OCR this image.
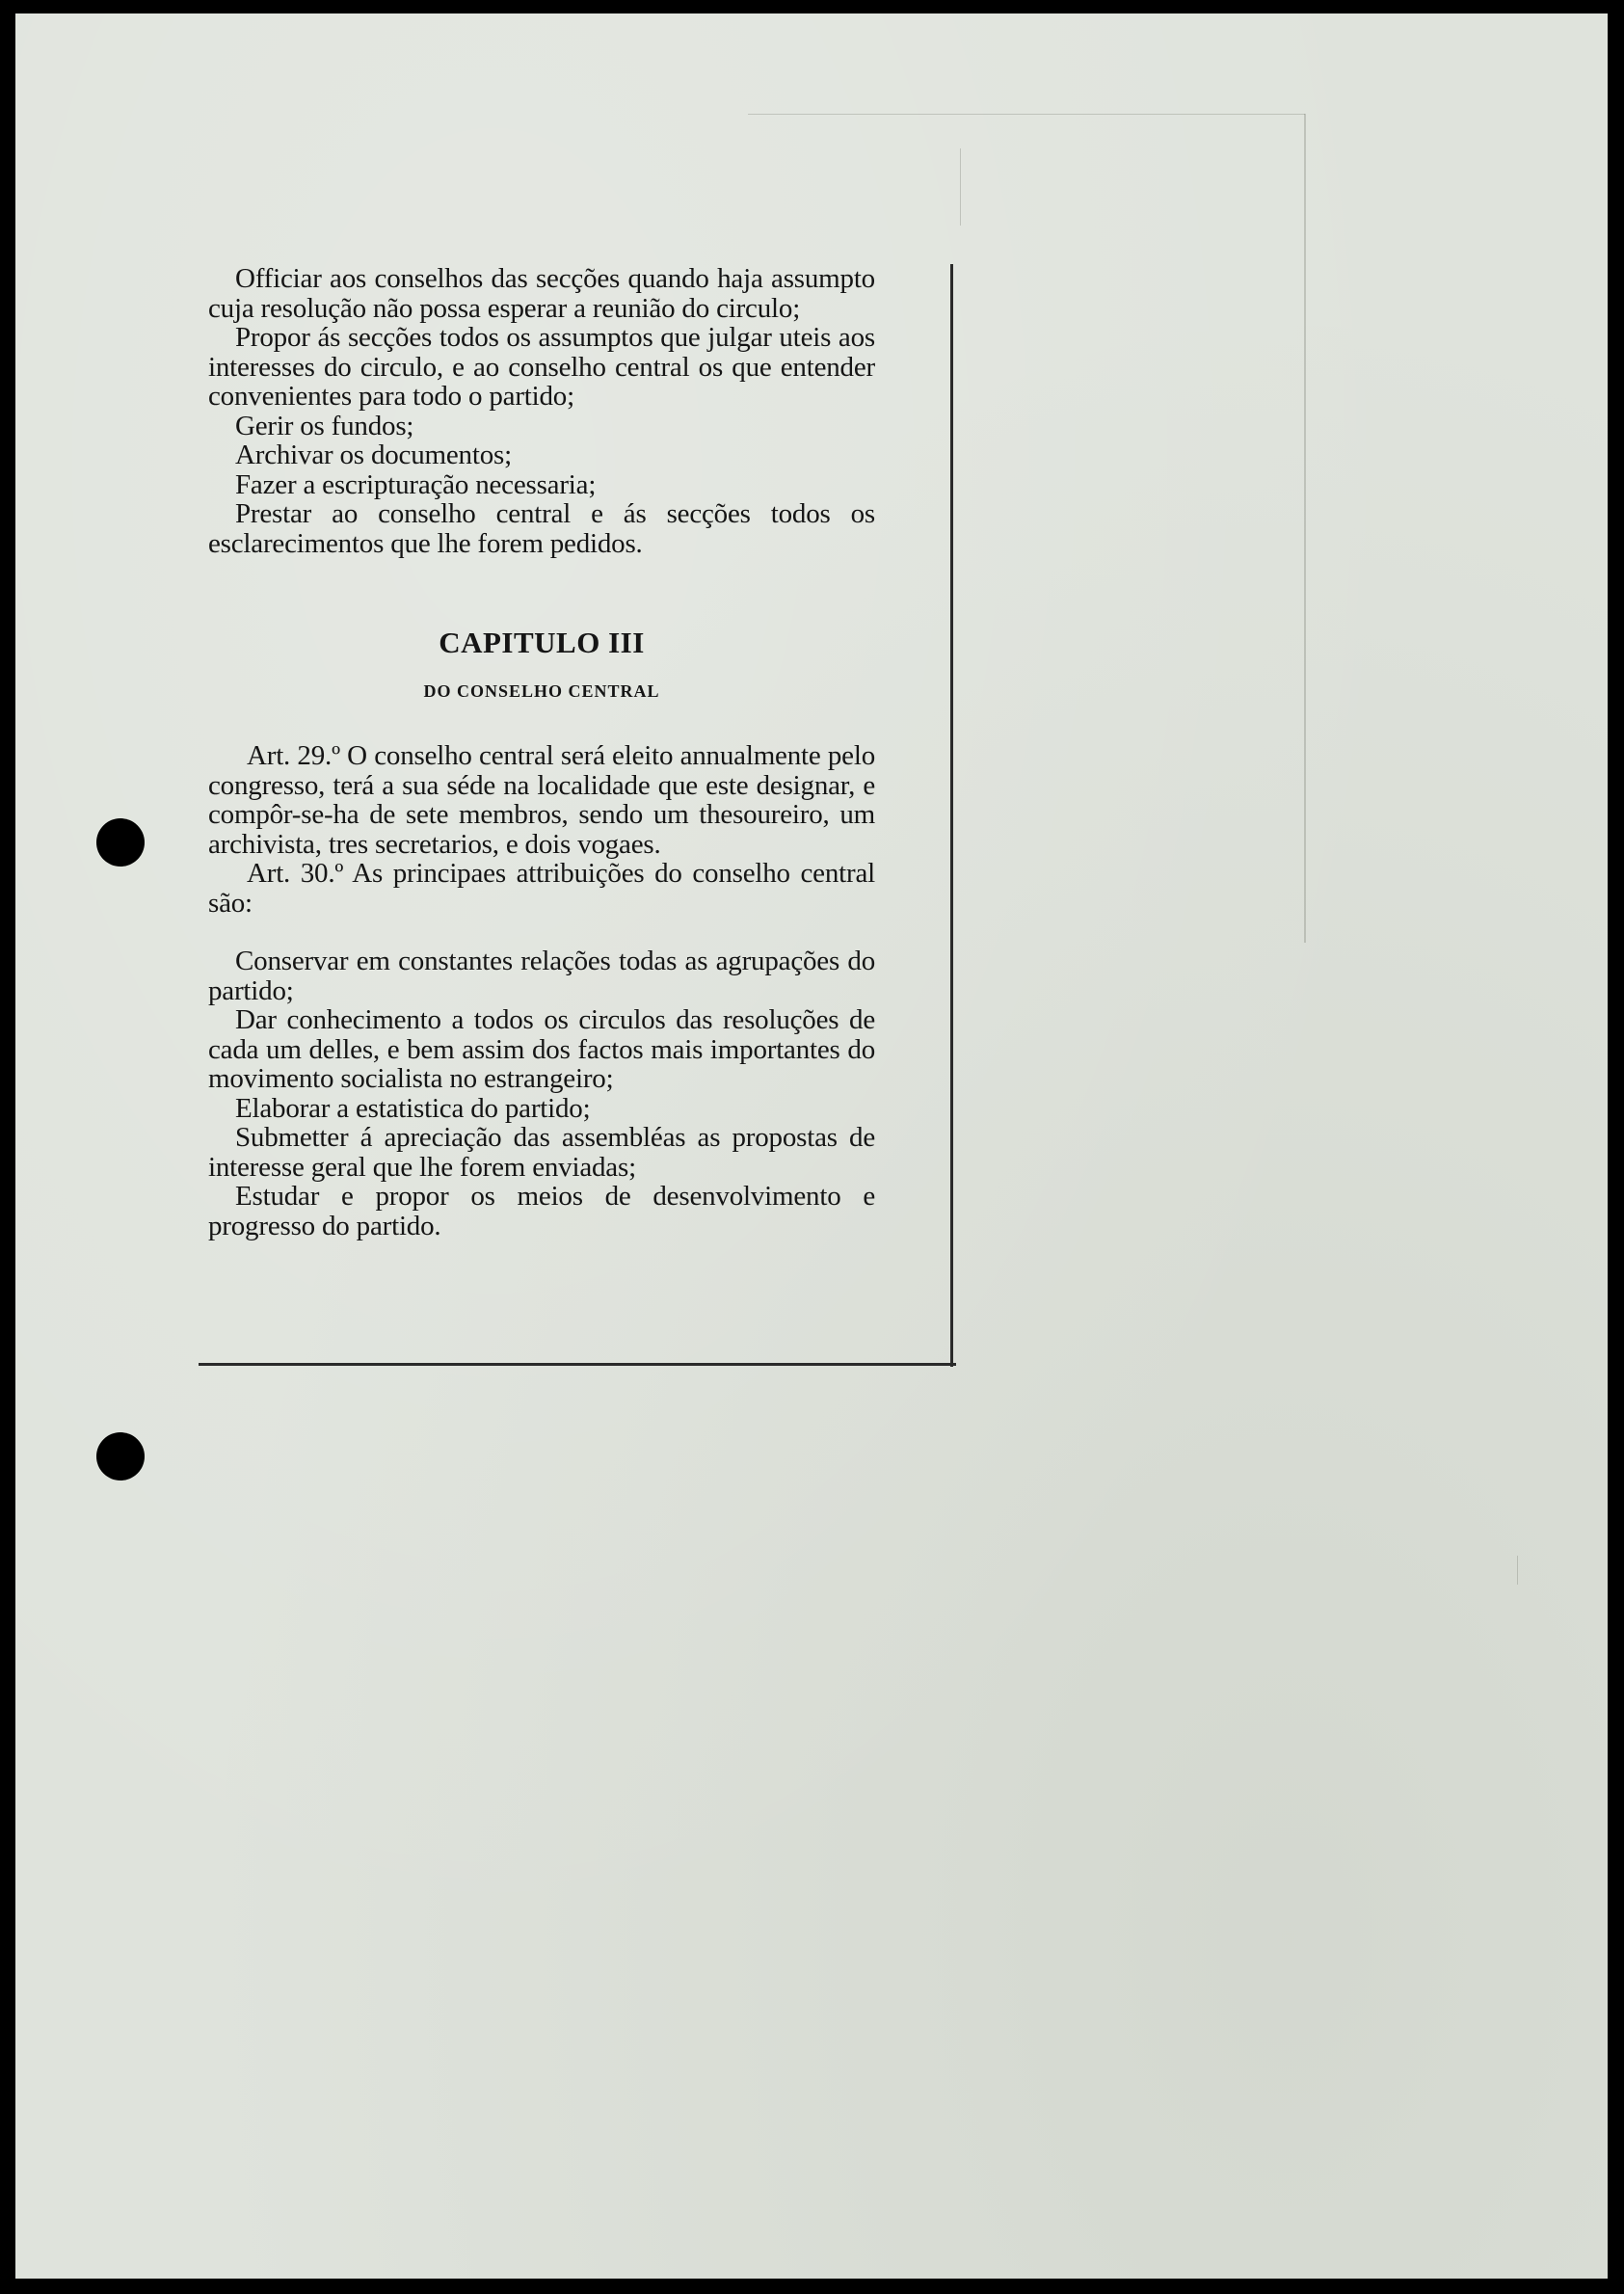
Officiar aos conselhos das secções quando haja assumpto cuja resolução não possa esperar a reunião do circulo;

Propor ás secções todos os assumptos que julgar uteis aos interesses do circulo, e ao conselho central os que entender convenientes para todo o partido;

Gerir os fundos;

Archivar os documentos;

Fazer a escripturação necessaria;

Prestar ao conselho central e ás secções todos os esclarecimentos que lhe forem pedidos.

CAPITULO III
DO CONSELHO CENTRAL

Art. 29.º O conselho central será eleito annualmente pelo congresso, terá a sua séde na localidade que este designar, e compôr-se-ha de sete membros, sendo um thesoureiro, um archivista, tres secretarios, e dois vogaes.

Art. 30.º As principaes attribuições do conselho central são:

Conservar em constantes relações todas as agrupações do partido;

Dar conhecimento a todos os circulos das resoluções de cada um delles, e bem assim dos factos mais importantes do movimento socialista no estrangeiro;

Elaborar a estatistica do partido;

Submetter á apreciação das assembléas as propostas de interesse geral que lhe forem enviadas;

Estudar e propor os meios de desenvolvimento e progresso do partido.
